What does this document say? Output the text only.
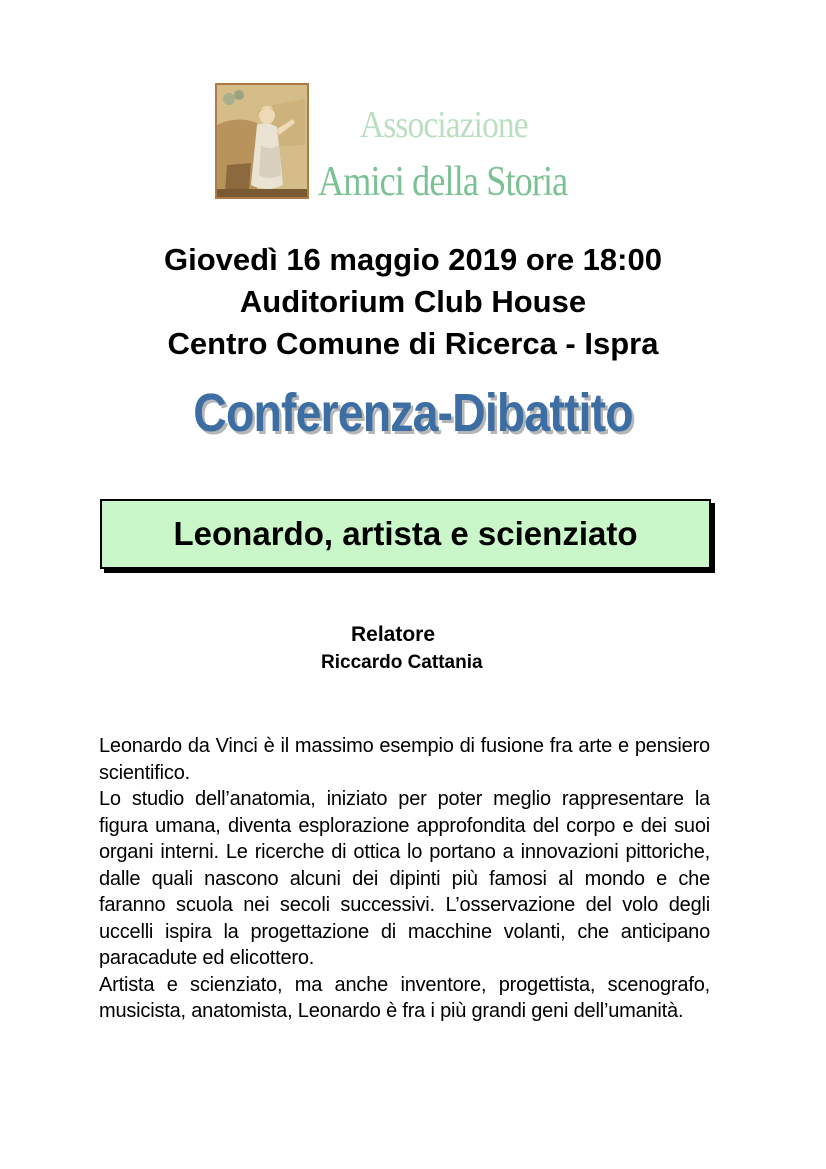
Associazione
Amici della Storia
Giovedì 16 maggio 2019 ore 18:00
Auditorium Club House
Centro Comune di Ricerca - Ispra
Conferenza-Dibattito
Leonardo, artista e scienziato
Relatore
Riccardo Cattania

Leonardo da Vinci è il massimo esempio di fusione fra arte e pensiero scientifico.

Lo studio dell’anatomia, iniziato per poter meglio rappresentare la figura umana, diventa esplorazione approfondita del corpo e dei suoi organi interni. Le ricerche di ottica lo portano a innovazioni pittoriche, dalle quali nascono alcuni dei dipinti più famosi al mondo e che faranno scuola nei secoli successivi. L’osservazione del volo degli uccelli ispira la progettazione di macchine volanti, che anticipano paracadute ed elicottero.

Artista e scienziato, ma anche inventore, progettista, scenografo, musicista, anatomista, Leonardo è fra i più grandi geni dell’umanità.
